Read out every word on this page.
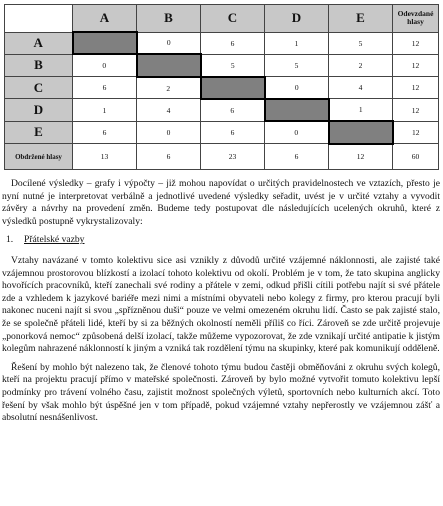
	A	B	C	D	E	Odevzdané hlasy
A		0	6	1	5	12
B	0		5	5	2	12
C	6	2		0	4	12
D	1	4	6		1	12
E	6	0	6	0		12
Obdržené hlasy	13	6	23	6	12	60

Docílené výsledky – grafy i výpočty – již mohou napovídat o určitých pravidelnostech ve vztazích, přesto je nyní nutné je interpretovat verbálně a jednotlivé uvedené výsledky seřadit, uvést je v určité vztahy a vyvodit závěry a návrhy na provedení změn. Budeme tedy postupovat dle následujících ucelených okruhů, které z výsledků postupně vykrystalizovaly:

1. Přátelské vazby

Vztahy navázané v tomto kolektivu sice asi vznikly z důvodů určité vzájemné náklonnosti, ale zajisté také vzájemnou prostorovou blízkostí a izolací tohoto kolektivu od okolí. Problém je v tom, že tato skupina anglicky hovořících pracovníků, kteří zanechali své rodiny a přátele v zemi, odkud přišli cítili potřebu najít si své přátele zde a vzhledem k jazykové bariéře mezi nimi a místními obyvateli nebo kolegy z firmy, pro kterou pracují byli nakonec nuceni najít si svou „spřízněnou duši“ pouze ve velmi omezeném okruhu lidí. Často se pak zajisté stalo, že se společně přáteli lidé, kteří by si za běžných okolností neměli příliš co říci. Zároveň se zde určitě projevuje „ponorková nemoc“ způsobená delší izolací, takže můžeme vypozorovat, že zde vznikají určité antipatie k jistým kolegům nahrazené náklonností k jiným a vzniká tak rozdělení týmu na skupinky, které pak komunikují odděleně.

Řešení by mohlo být nalezeno tak, že členové tohoto týmu budou častěji obměňováni z okruhu svých kolegů, kteří na projektu pracují přímo v mateřské společnosti. Zároveň by bylo možné vytvořit tomuto kolektivu lepší podmínky pro trávení volného času, zajistit možnost společných výletů, sportovních nebo kulturních akcí. Toto řešení by však mohlo být úspěšné jen v tom případě, pokud vzájemné vztahy nepřerostly ve vzájemnou zášť a absolutní nesnášenlivost.
